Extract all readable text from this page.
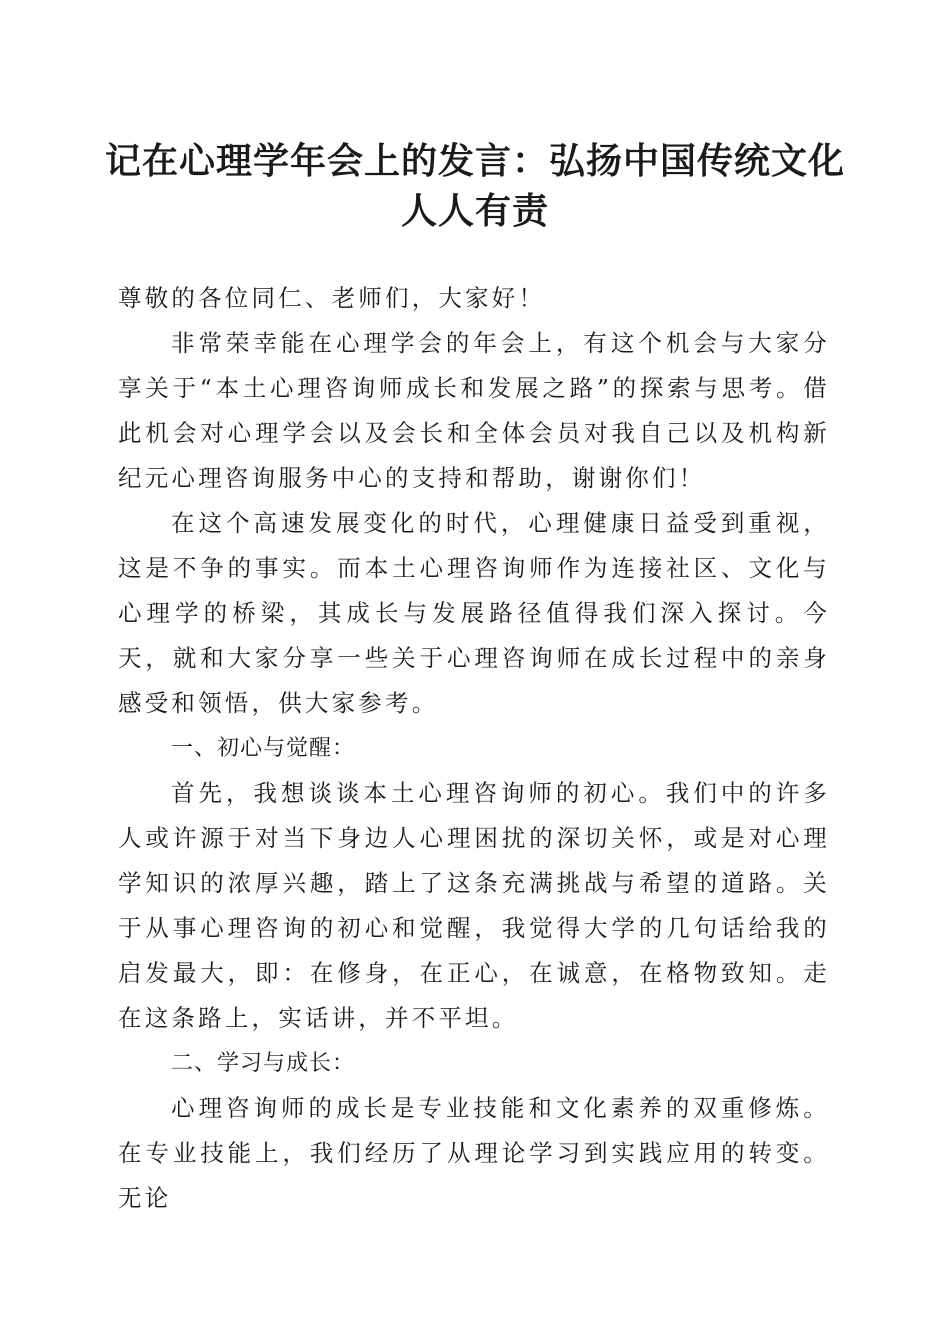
记在心理学年会上的发言：弘扬中国传统文化
人人有责

尊敬的各位同仁、老师们，大家好！

非常荣幸能在心理学会的年会上，有这个机会与大家分享关于“本土心理咨询师成长和发展之路”的探索与思考。借此机会对心理学会以及会长和全体会员对我自己以及机构新纪元心理咨询服务中心的支持和帮助，谢谢你们！

在这个高速发展变化的时代，心理健康日益受到重视，这是不争的事实。而本土心理咨询师作为连接社区、文化与心理学的桥梁，其成长与发展路径值得我们深入探讨。今天，就和大家分享一些关于心理咨询师在成长过程中的亲身感受和领悟，供大家参考。

一、初心与觉醒：

首先，我想谈谈本土心理咨询师的初心。我们中的许多人或许源于对当下身边人心理困扰的深切关怀，或是对心理学知识的浓厚兴趣，踏上了这条充满挑战与希望的道路。关于从事心理咨询的初心和觉醒，我觉得大学的几句话给我的启发最大，即：在修身，在正心，在诚意，在格物致知。走在这条路上，实话讲，并不平坦。

二、学习与成长：

心理咨询师的成长是专业技能和文化素养的双重修炼。在专业技能上，我们经历了从理论学习到实践应用的转变。无论
